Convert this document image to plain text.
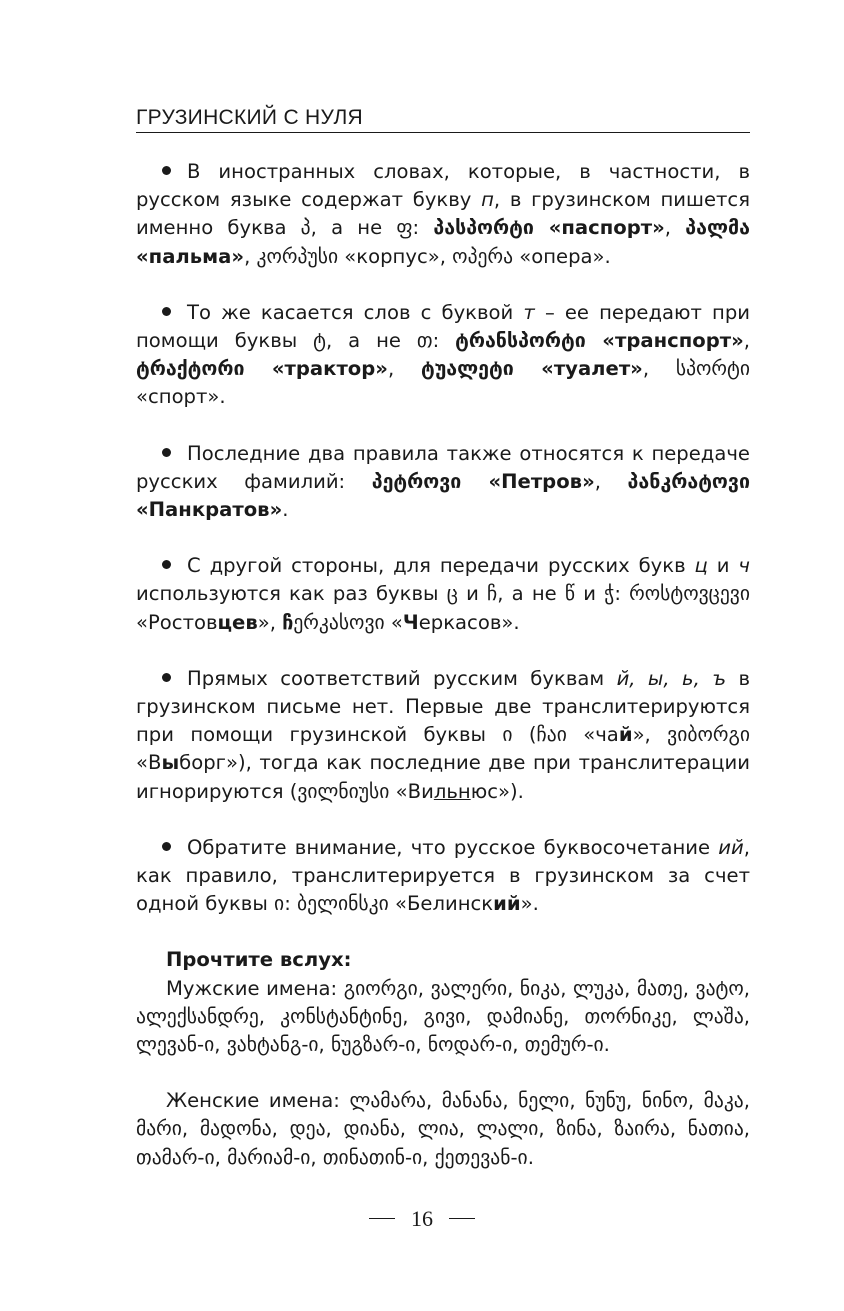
ГРУЗИНСКИЙ С НУЛЯ

В иностранных словах, которые, в частности, в русском языке содержат букву п, в грузинском пишется именно буква პ, а не ფ: პასპორტი «паспорт», პალმა «пальма», კორპუსი «корпус», ოპერა «опера».

То же касается слов с буквой т – ее передают при помощи буквы ტ, а не თ: ტრანსპორტი «транспорт», ტრაქტორი «трактор», ტუალეტი «туалет», სპორტი «спорт».

Последние два правила также относятся к передаче русских фамилий: პეტროვი «Петров», პანკრატოვი «Панкратов».

С другой стороны, для передачи русских букв ц и ч используются как раз буквы ც и ჩ, а не წ и ჭ: როსტოვცევი «Ростовцев», ჩერკასოვი «Черкасов».

Прямых соответствий русским буквам й, ы, ь, ъ в грузинском письме нет. Первые две транслитерируются при помощи грузинской буквы ი (ჩაი «чай», ვიბორგი «Выборг»), тогда как последние две при транслитерации игнорируются (ვილნიუსი «Вильнюс»).

Обратите внимание, что русское буквосочетание ий, как правило, транслитерируется в грузинском за счет одной буквы ი: ბელინსკი «Белинский».

Прочтите вслух:

Мужские имена: გიორგი, ვალერი, ნიკა, ლუკა, მათე, ვატო, ალექსანდრე, კონსტანტინე, გივი, დამიანე, თორნიკე, ლაშა, ლევან-ი, ვახტანგ-ი, ნუგზარ-ი, ნოდარ-ი, თემურ-ი.

Женские имена: ლამარა, მანანა, ნელი, ნუნუ, ნინო, მაკა, მარი, მადონა, დეა, დიანა, ლია, ლალი, ზინა, ზაირა, ნათია, თამარ-ი, მარიამ-ი, თინათინ-ი, ქეთევან-ი.

16
